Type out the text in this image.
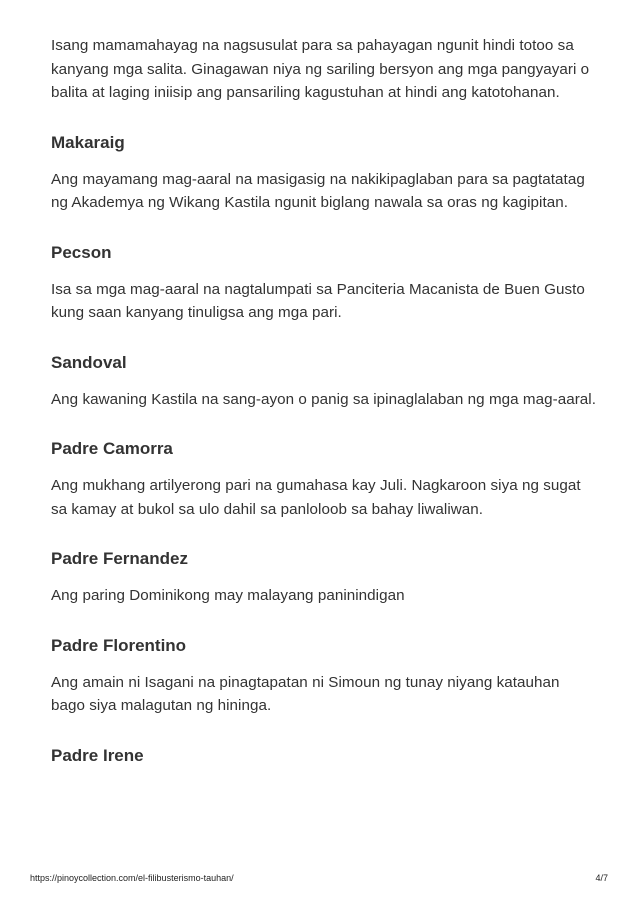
Isang mamamahayag na nagsusulat para sa pahayagan ngunit hindi totoo sa kanyang mga salita. Ginagawan niya ng sariling bersyon ang mga pangyayari o balita at laging iniisip ang pansariling kagustuhan at hindi ang katotohanan.

Makaraig

Ang mayamang mag-aaral na masigasig na nakikipaglaban para sa pagtatatag ng Akademya ng Wikang Kastila ngunit biglang nawala sa oras ng kagipitan.

Pecson

Isa sa mga mag-aaral na nagtalumpati sa Panciteria Macanista de Buen Gusto kung saan kanyang tinuligsa ang mga pari.

Sandoval

Ang kawaning Kastila na sang-ayon o panig sa ipinaglalaban ng mga mag-aaral.

Padre Camorra

Ang mukhang artilyerong pari na gumahasa kay Juli. Nagkaroon siya ng sugat sa kamay at bukol sa ulo dahil sa panloloob sa bahay liwaliwan.

Padre Fernandez

Ang paring Dominikong may malayang paninindigan

Padre Florentino

Ang amain ni Isagani na pinagtapatan ni Simoun ng tunay niyang katauhan bago siya malagutan ng hininga.

Padre Irene
https://pinoycollection.com/el-filibusterismo-tauhan/	4/7
